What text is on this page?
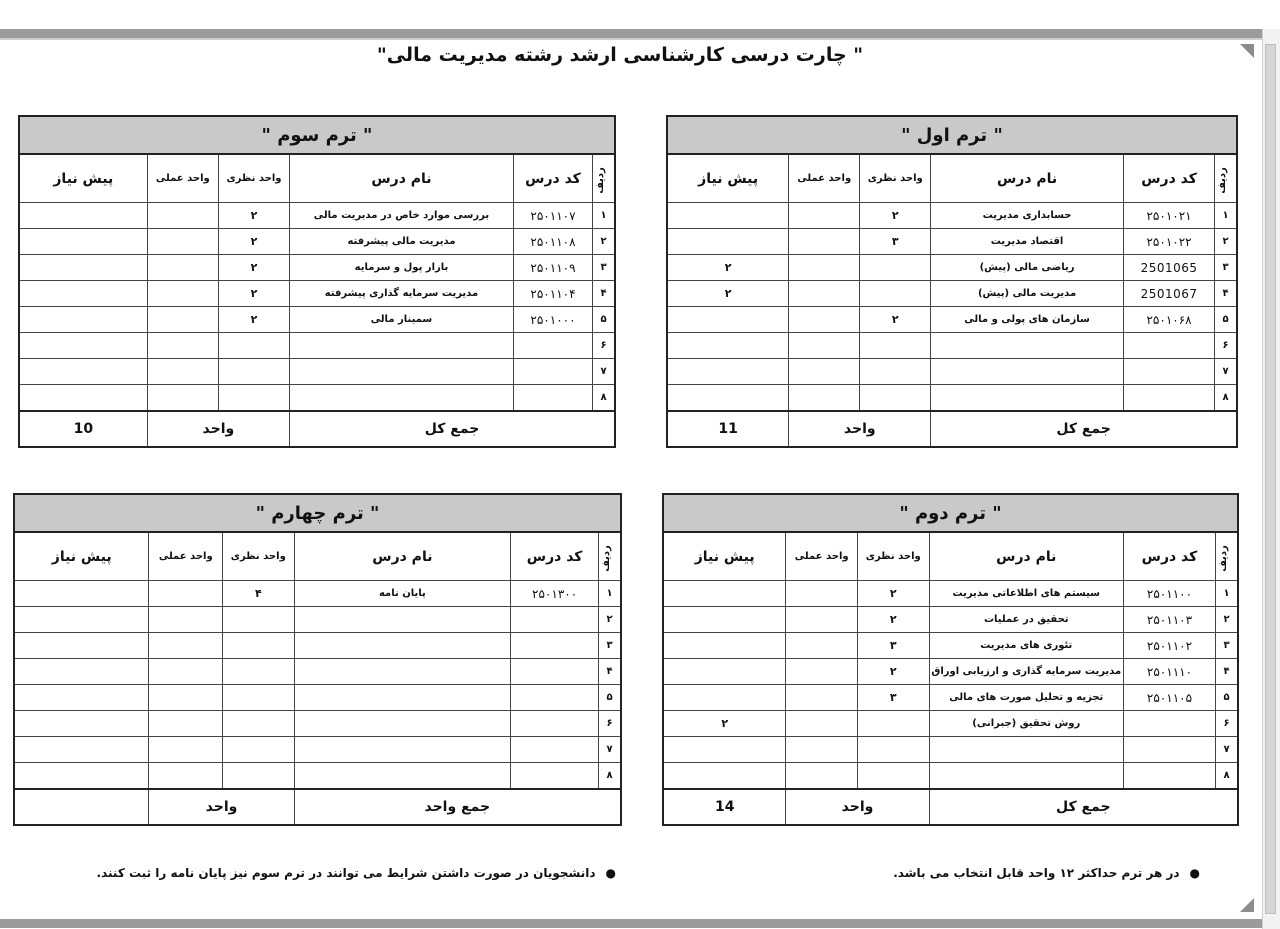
" چارت درسی کارشناسی ارشد رشته مدیریت مالی"
" ترم اول "					
ردیف	کد درس	نام درس	واحد نظری	واحد عملی	پیش نیاز
۱	۲۵۰۱۰۲۱	حسابداری مدیریت	۲		
۲	۲۵۰۱۰۲۲	اقتصاد مدیریت	۳		
۳	2501065	ریاضی مالی (پیش)			۲
۴	2501067	مدیریت مالی (پیش)			۲
۵	۲۵۰۱۰۶۸	سازمان های پولی و مالی	۲		
۶					
۷					
۸					
جمع کل			واحد		11
" ترم سوم "					
ردیف	کد درس	نام درس	واحد نظری	واحد عملی	پیش نیاز
۱	۲۵۰۱۱۰۷	بررسی موارد خاص در مدیریت مالی	۲		
۲	۲۵۰۱۱۰۸	مدیریت مالی پیشرفته	۲		
۳	۲۵۰۱۱۰۹	بازار پول و سرمایه	۲		
۴	۲۵۰۱۱۰۴	مدیریت سرمایه گذاری پیشرفته	۲		
۵	۲۵۰۱۰۰۰	سمینار مالی	۲		
۶					
۷					
۸					
جمع کل			واحد		10
" ترم دوم "					
ردیف	کد درس	نام درس	واحد نظری	واحد عملی	پیش نیاز
۱	۲۵۰۱۱۰۰	سیستم های اطلاعاتی مدیریت	۲		
۲	۲۵۰۱۱۰۳	تحقیق در عملیات	۲		
۳	۲۵۰۱۱۰۲	تئوری های مدیریت	۳		
۴	۲۵۰۱۱۱۰	مدیریت سرمایه گذاری و ارزیابی اوراق	۲		
۵	۲۵۰۱۱۰۵	تجزیه و تحلیل صورت های مالی	۳		
۶		روش تحقیق (جبرانی)			۲
۷					
۸					
جمع کل			واحد		14
" ترم چهارم "					
ردیف	کد درس	نام درس	واحد نظری	واحد عملی	پیش نیاز
۱	۲۵۰۱۳۰۰	پایان نامه	۴		
۲					
۳					
۴					
۵					
۶					
۷					
۸					
جمع واحد			واحد		
●در هر ترم حداکثر ۱۲ واحد قابل انتخاب می باشد.
●دانشجویان در صورت داشتن شرایط می توانند در ترم سوم نیز پایان نامه را ثبت کنند.
